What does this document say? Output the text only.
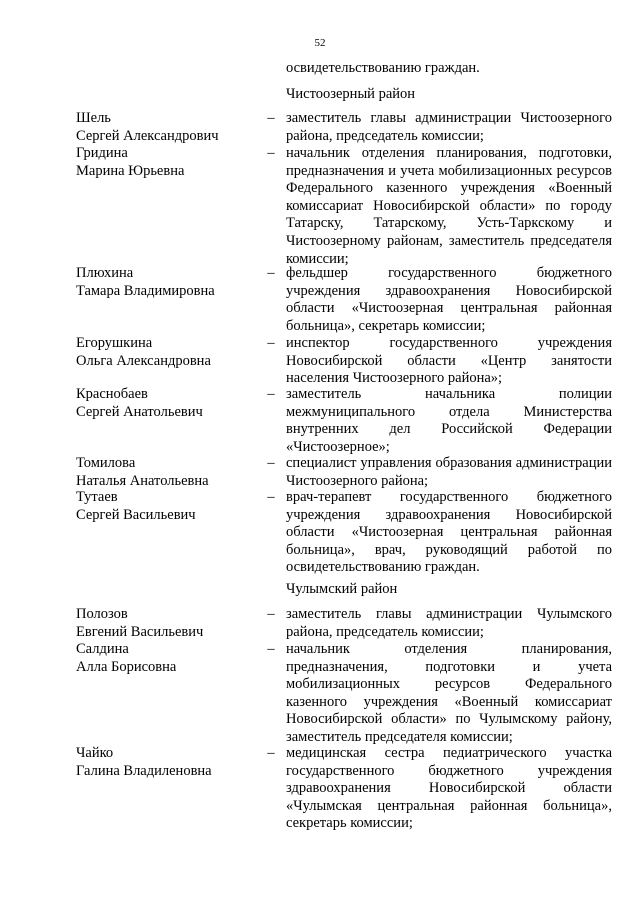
52
освидетельствованию граждан.
Чистоозерный район
Шель
Сергей Александрович
– заместитель главы администрации Чистоозерного района, председатель комиссии;
Гридина
Марина Юрьевна
– начальник отделения планирования, подготовки, предназначения и учета мобилизационных ресурсов Федерального казенного учреждения «Военный комиссариат Новосибирской области» по городу Татарску, Татарскому, Усть-Таркскому и Чистоозерному районам, заместитель председателя комиссии;
Плюхина
Тамара Владимировна
– фельдшер государственного бюджетного учреждения здравоохранения Новосибирской области «Чистоозерная центральная районная больница», секретарь комиссии;
Егорушкина
Ольга Александровна
– инспектор государственного учреждения Новосибирской области «Центр занятости населения Чистоозерного района»;
Краснобаев
Сергей Анатольевич
– заместитель начальника полиции межмуниципального отдела Министерства внутренних дел Российской Федерации «Чистоозерное»;
Томилова
Наталья Анатольевна
– специалист управления образования администрации Чистоозерного района;
Тутаев
Сергей Васильевич
– врач-терапевт государственного бюджетного учреждения здравоохранения Новосибирской области «Чистоозерная центральная районная больница», врач, руководящий работой по освидетельствованию граждан.
Чулымский район
Полозов
Евгений Васильевич
– заместитель главы администрации Чулымского района, председатель комиссии;
Салдина
Алла Борисовна
– начальник отделения планирования, предназначения, подготовки и учета мобилизационных ресурсов Федерального казенного учреждения «Военный комиссариат Новосибирской области» по Чулымскому району, заместитель председателя комиссии;
Чайко
Галина Владиленовна
– медицинская сестра педиатрического участка государственного бюджетного учреждения здравоохранения Новосибирской области «Чулымская центральная районная больница», секретарь комиссии;
